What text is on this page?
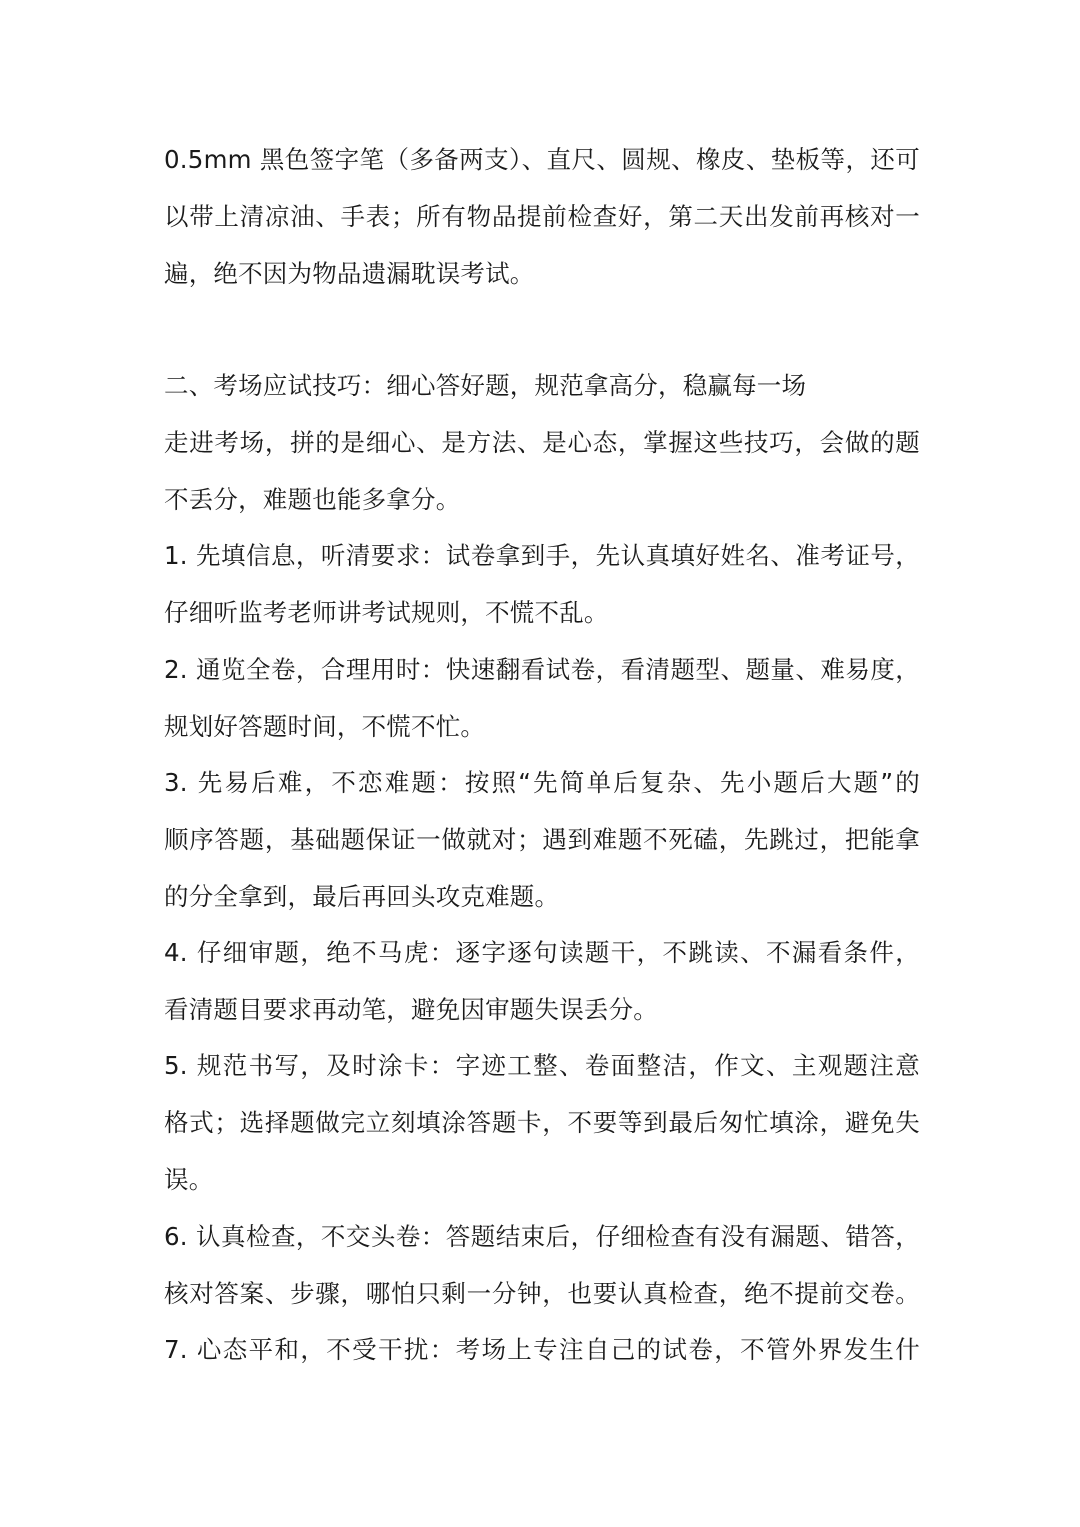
0.5mm 黑色签字笔（多备两支）、直尺、圆规、橡皮、垫板等，还可
以带上清凉油、手表；所有物品提前检查好，第二天出发前再核对一
遍，绝不因为物品遗漏耽误考试。
二、考场应试技巧：细心答好题，规范拿高分，稳赢每一场
走进考场，拼的是细心、是方法、是心态，掌握这些技巧，会做的题
不丢分，难题也能多拿分。
1. 先填信息，听清要求：试卷拿到手，先认真填好姓名、准考证号，
仔细听监考老师讲考试规则，不慌不乱。
2. 通览全卷，合理用时：快速翻看试卷，看清题型、题量、难易度，
规划好答题时间，不慌不忙。
3. 先易后难，不恋难题：按照“先简单后复杂、先小题后大题”的
顺序答题，基础题保证一做就对；遇到难题不死磕，先跳过，把能拿
的分全拿到，最后再回头攻克难题。
4. 仔细审题，绝不马虎：逐字逐句读题干，不跳读、不漏看条件，
看清题目要求再动笔，避免因审题失误丢分。
5. 规范书写，及时涂卡：字迹工整、卷面整洁，作文、主观题注意
格式；选择题做完立刻填涂答题卡，不要等到最后匆忙填涂，避免失
误。
6. 认真检查，不交头卷：答题结束后，仔细检查有没有漏题、错答，
核对答案、步骤，哪怕只剩一分钟，也要认真检查，绝不提前交卷。
7. 心态平和，不受干扰：考场上专注自己的试卷，不管外界发生什
